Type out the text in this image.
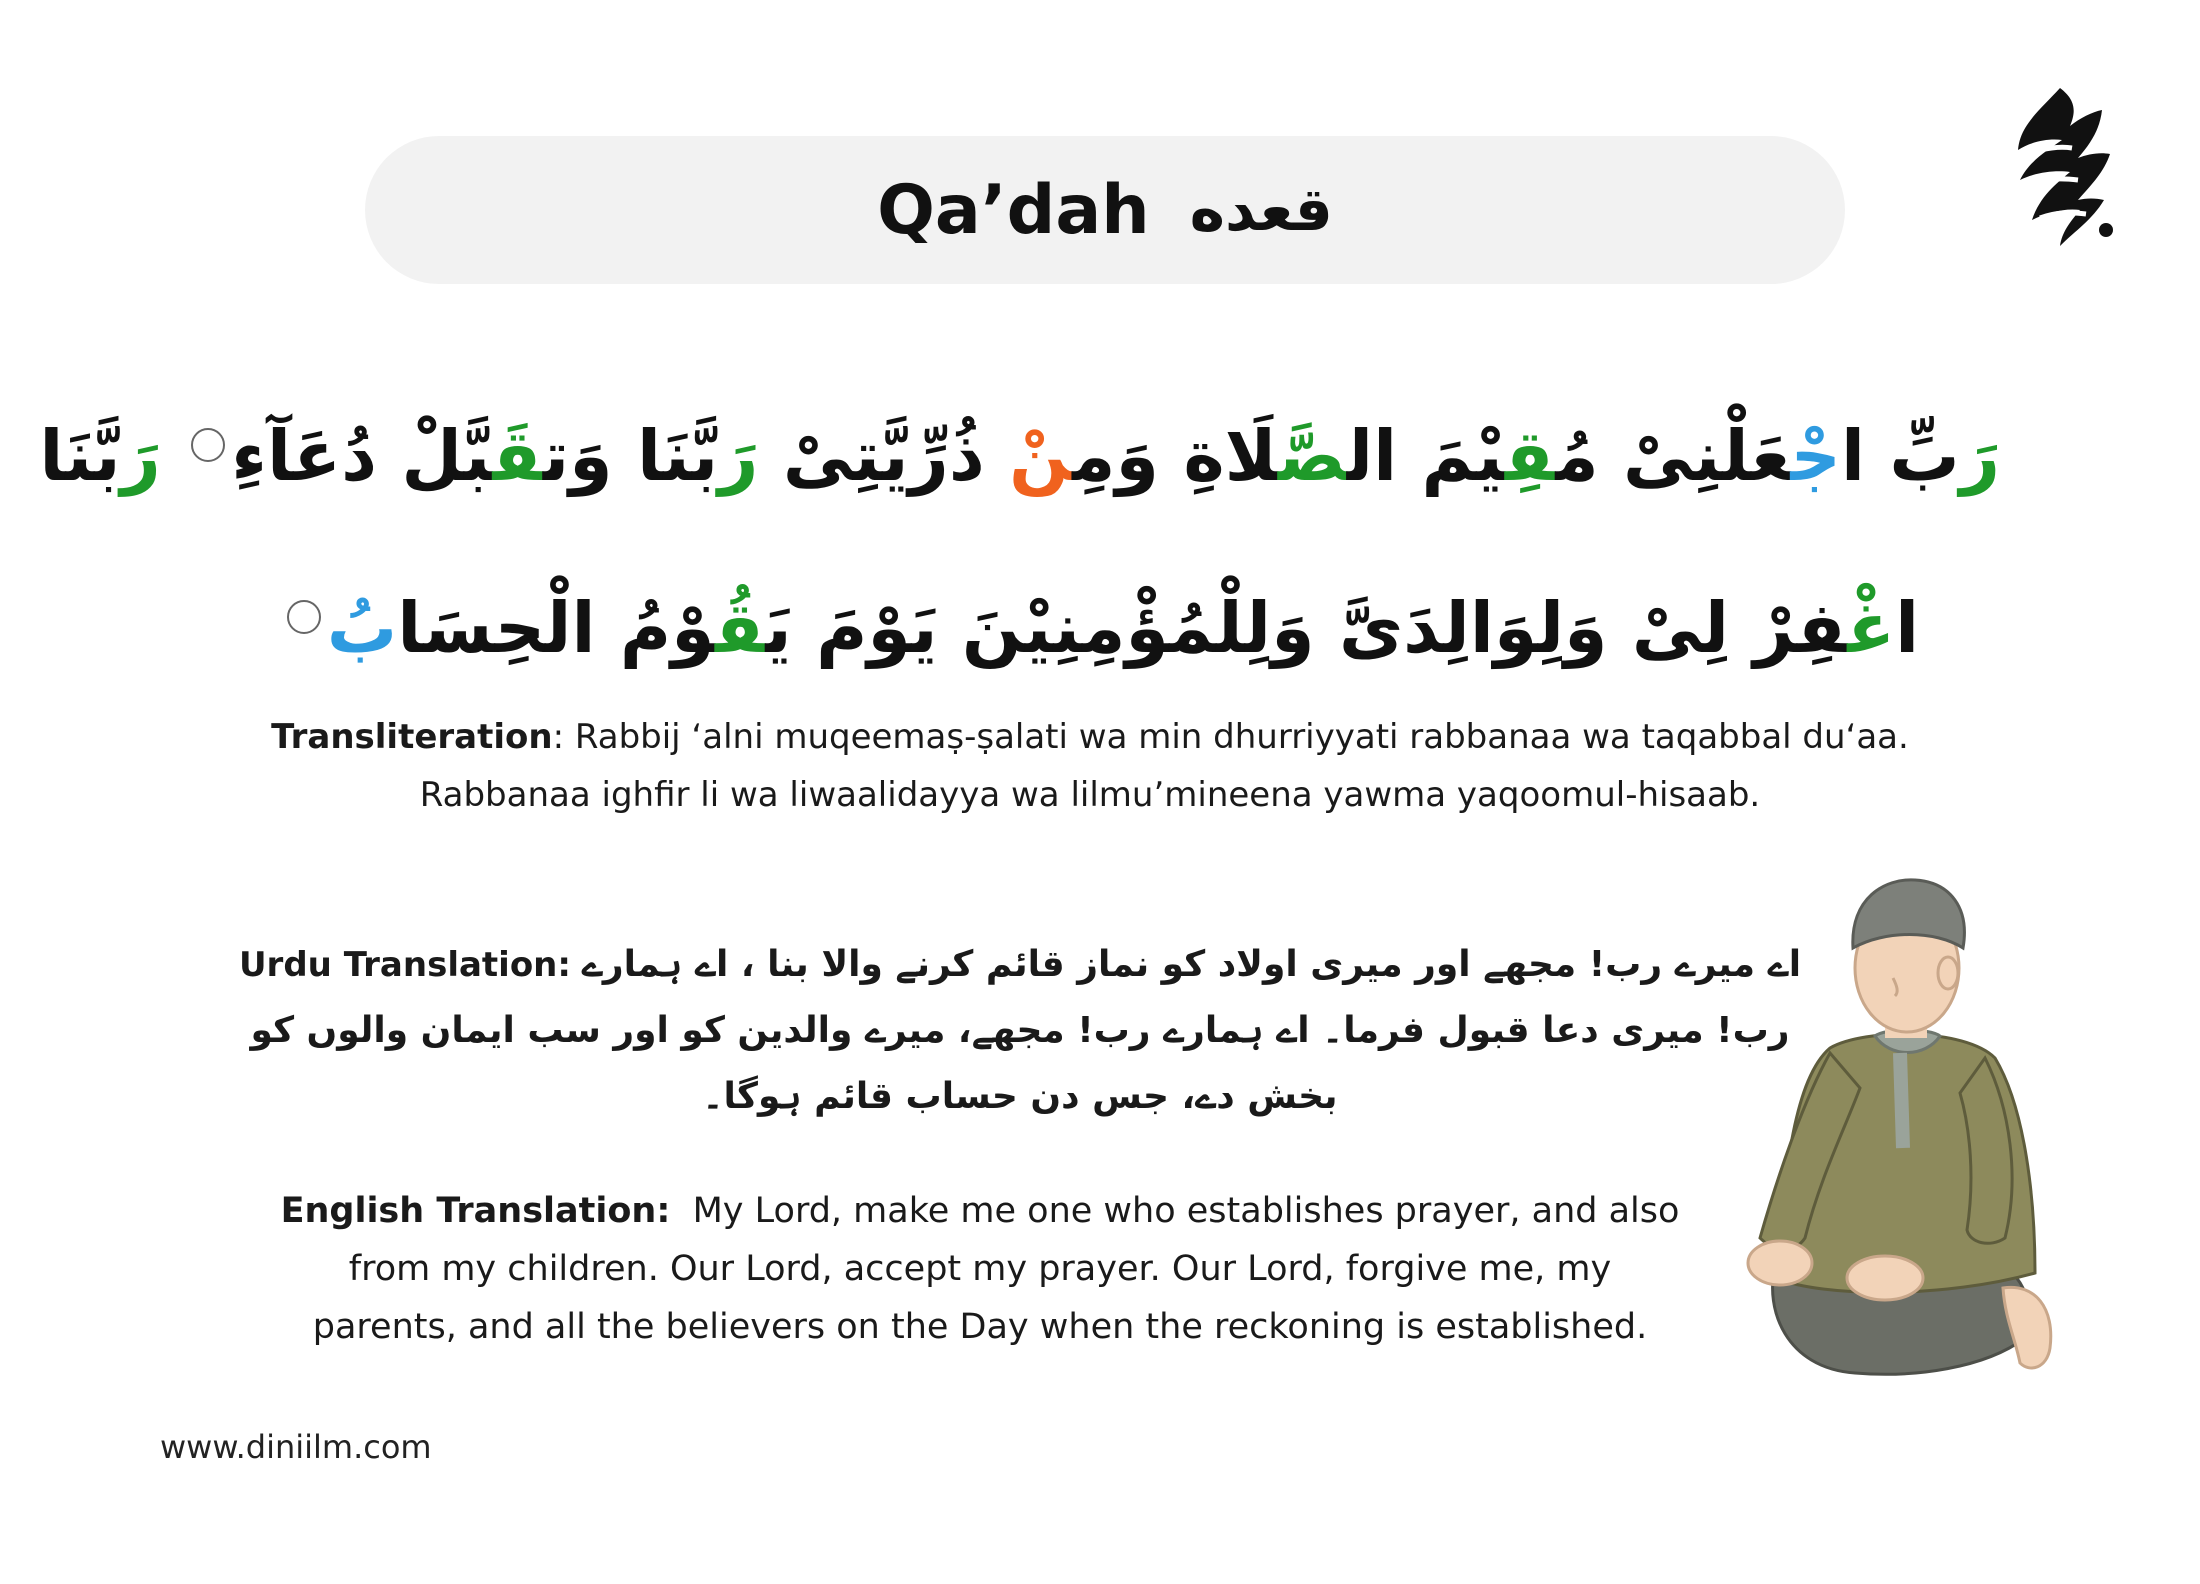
Qa’dah قعده
رَبِّ اجْعَلْنِیْ مُقِیْمَ الصَّلَاةِ وَمِنْ ذُرِّیَّتِیْ رَبَّنَا وَتقَبَّلْ دُعَآءِ رَبَّنَا
اغْفِرْ لِیْ وَلِوَالِدَیَّ وَلِلْمُؤْمِنِیْنَ یَوْمَ یَقُوْمُ الْحِسَابُ
Transliteration: Rabbij ‘alni muqeemaṣ-ṣalati wa min dhurriyyati rabbanaa wa taqabbal du‘aa.
Rabbanaa ighfir li wa liwaalidayya wa lilmu’mineena yawma yaqoomul-hisaab.
Urdu Translation: اے میرے رب! مجھے اور میری اولاد کو نماز قائم کرنے والا بنا ، اے ہمارے
رب! میری دعا قبول فرما۔ اے ہمارے رب! مجھے، میرے والدین کو اور سب ایمان والوں کو
بخش دے، جس دن حساب قائم ہوگا۔
English Translation: My Lord, make me one who establishes prayer, and also
from my children. Our Lord, accept my prayer. Our Lord, forgive me, my
parents, and all the believers on the Day when the reckoning is established.
www.diniilm.com
